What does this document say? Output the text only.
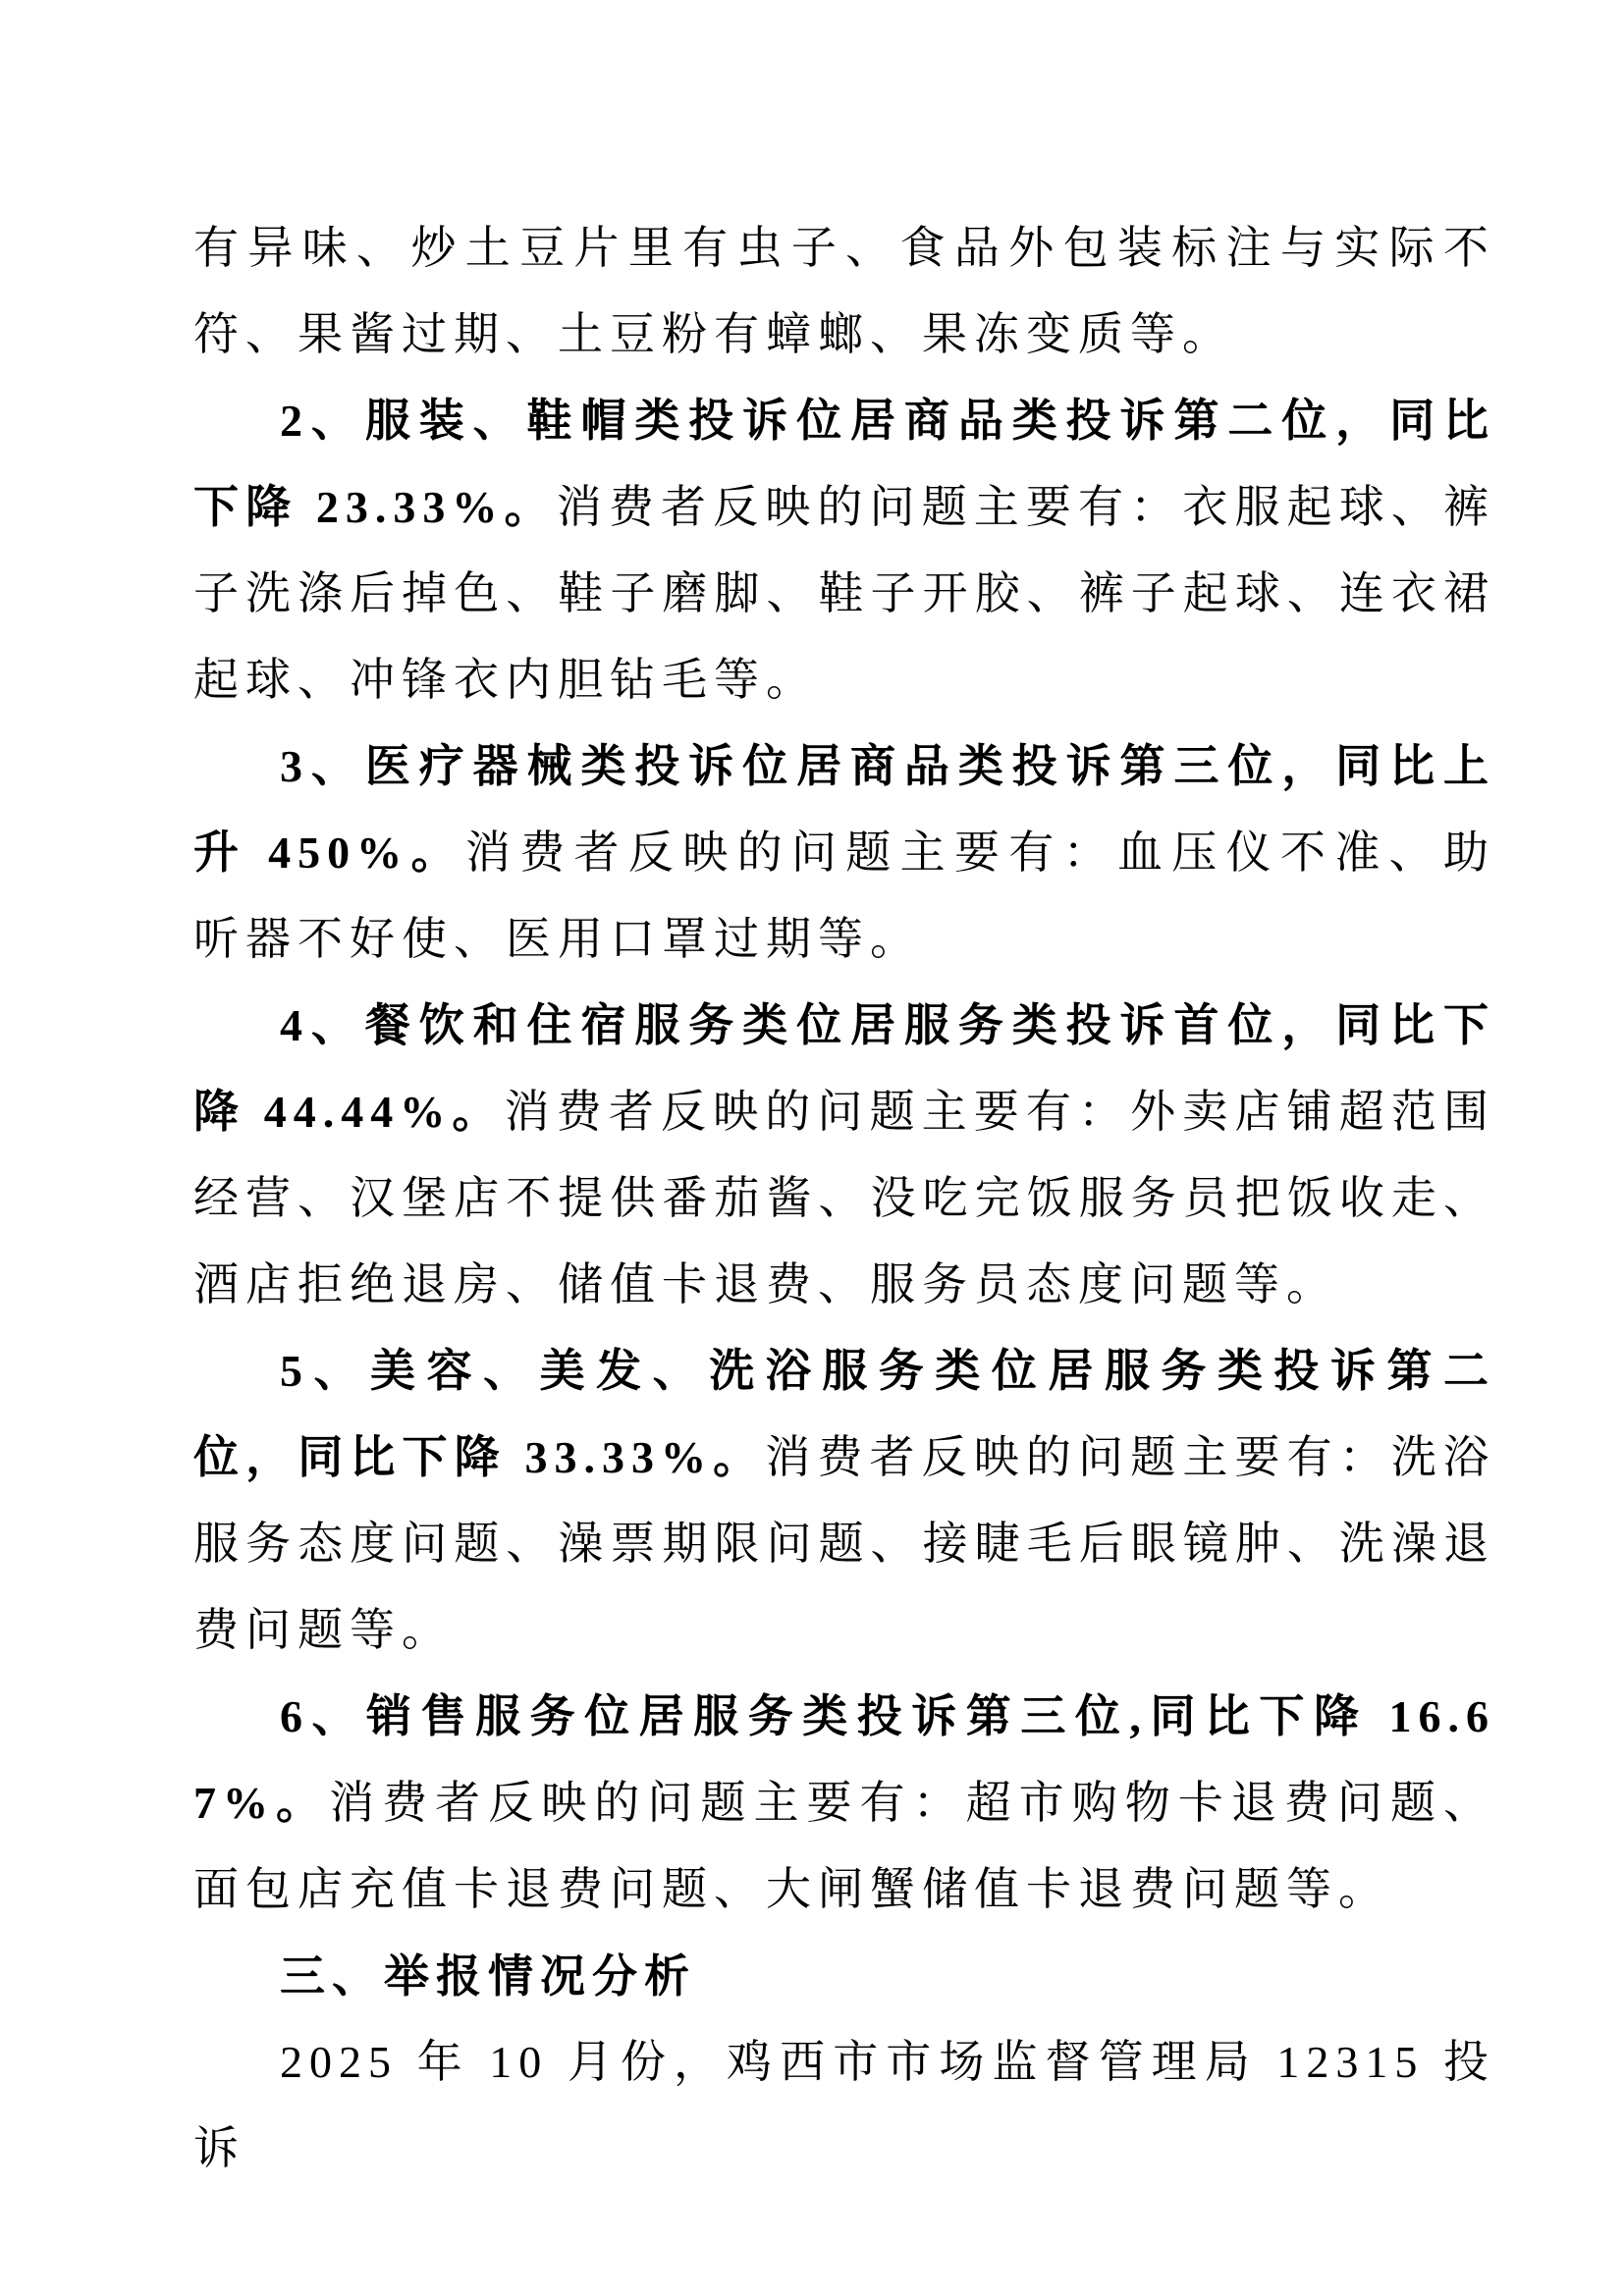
有异味、炒土豆片里有虫子、食品外包装标注与实际不符、果酱过期、土豆粉有蟑螂、果冻变质等。

2、服装、鞋帽类投诉位居商品类投诉第二位，同比下降 23.33%。消费者反映的问题主要有：衣服起球、裤子洗涤后掉色、鞋子磨脚、鞋子开胶、裤子起球、连衣裙起球、冲锋衣内胆钻毛等。

3、医疗器械类投诉位居商品类投诉第三位，同比上升 450%。消费者反映的问题主要有：血压仪不准、助听器不好使、医用口罩过期等。

4、餐饮和住宿服务类位居服务类投诉首位，同比下降 44.44%。消费者反映的问题主要有：外卖店铺超范围经营、汉堡店不提供番茄酱、没吃完饭服务员把饭收走、酒店拒绝退房、储值卡退费、服务员态度问题等。

5、美容、美发、洗浴服务类位居服务类投诉第二位，同比下降 33.33%。消费者反映的问题主要有：洗浴服务态度问题、澡票期限问题、接睫毛后眼镜肿、洗澡退费问题等。

6、销售服务位居服务类投诉第三位,同比下降 16.67%。消费者反映的问题主要有：超市购物卡退费问题、面包店充值卡退费问题、大闸蟹储值卡退费问题等。

三、举报情况分析

2025 年 10 月份，鸡西市市场监督管理局 12315 投诉
